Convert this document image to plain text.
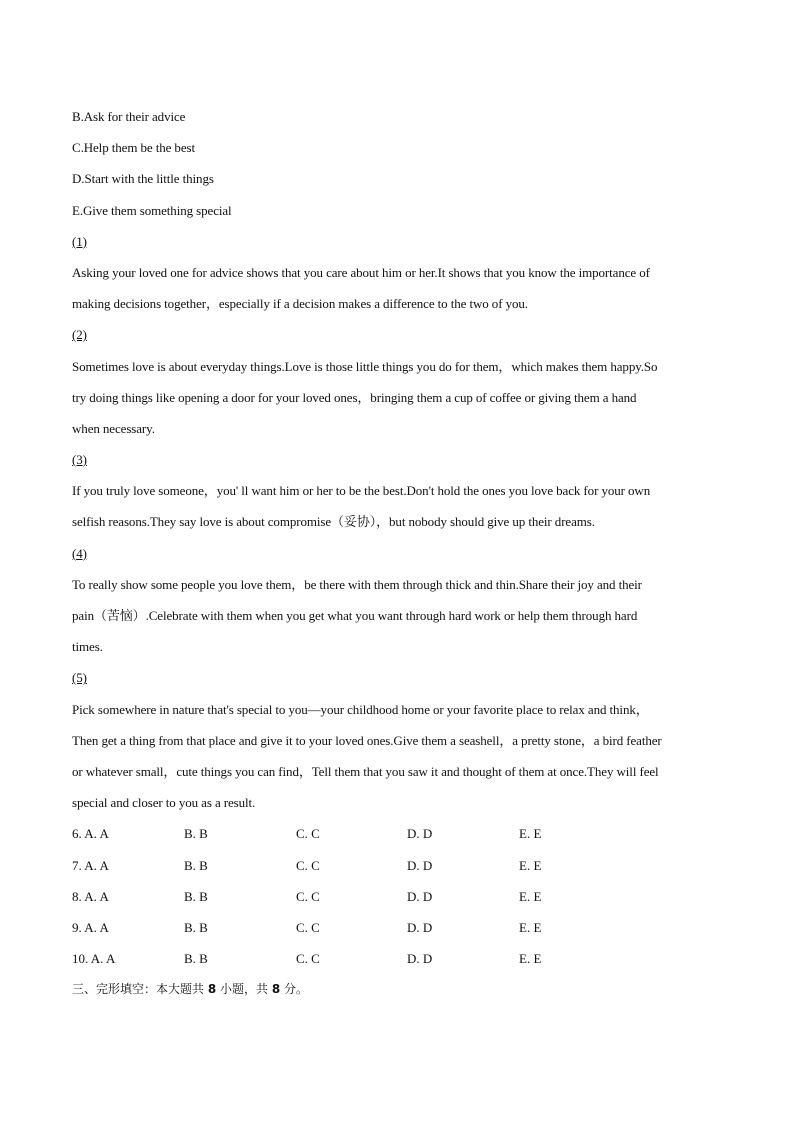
B.Ask for their advice
C.Help them be the best
D.Start with the little things
E.Give them something special
(1)
Asking your loved one for advice shows that you care about him or her.It shows that you know the importance of
making decisions together，especially if a decision makes a difference to the two of you.
(2)
Sometimes love is about everyday things.Love is those little things you do for them，which makes them happy.So
try doing things like opening a door for your loved ones，bringing them a cup of coffee or giving them a hand
when necessary.
(3)
If you truly love someone，you' ll want him or her to be the best.Don't hold the ones you love back for your own
selfish reasons.They say love is about compromise（妥协），but nobody should give up their dreams.
(4)
To really show some people you love them，be there with them through thick and thin.Share their joy and their
pain（苦恼）.Celebrate with them when you get what you want through hard work or help them through hard
times.
(5)
Pick somewhere in nature that's special to you—your childhood home or your favorite place to relax and think，
Then get a thing from that place and give it to your loved ones.Give them a seashell，a pretty stone，a bird feather
or whatever small，cute things you can find，Tell them that you saw it and thought of them at once.They will feel
special and closer to you as a result.
6. A. A	B. B	C. C	D. D	E. E
7. A. A	B. B	C. C	D. D	E. E
8. A. A	B. B	C. C	D. D	E. E
9. A. A	B. B	C. C	D. D	E. E
10. A. A	B. B	C. C	D. D	E. E
三、完形填空：本大题共 8 小题，共 8 分。
